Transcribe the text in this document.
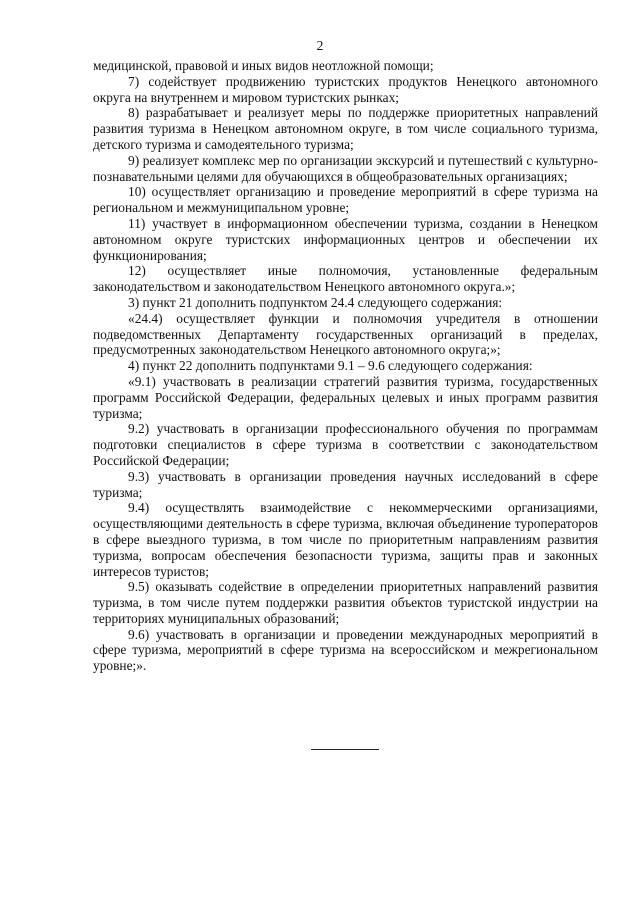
2

медицинской, правовой и иных видов неотложной помощи;

7) содействует продвижению туристских продуктов Ненецкого автономного округа на внутреннем и мировом туристских рынках;

8) разрабатывает и реализует меры по поддержке приоритетных направлений развития туризма в Ненецком автономном округе, в том числе социального туризма, детского туризма и самодеятельного туризма;

9) реализует комплекс мер по организации экскурсий и путешествий с культурно-познавательными целями для обучающихся в общеобразовательных организациях;

10) осуществляет организацию и проведение мероприятий в сфере туризма на региональном и межмуниципальном уровне;

11) участвует в информационном обеспечении туризма, создании в Ненецком автономном округе туристских информационных центров и обеспечении их функционирования;

12) осуществляет иные полномочия, установленные федеральным законодательством и законодательством Ненецкого автономного округа.»;

3) пункт 21 дополнить подпунктом 24.4 следующего содержания:

«24.4) осуществляет функции и полномочия учредителя в отношении подведомственных Департаменту государственных организаций в пределах, предусмотренных законодательством Ненецкого автономного округа;»;

4) пункт 22 дополнить подпунктами 9.1 – 9.6 следующего содержания:

«9.1) участвовать в реализации стратегий развития туризма, государственных программ Российской Федерации, федеральных целевых и иных программ развития туризма;

9.2) участвовать в организации профессионального обучения по программам подготовки специалистов в сфере туризма в соответствии с законодательством Российской Федерации;

9.3) участвовать в организации проведения научных исследований в сфере туризма;

9.4) осуществлять взаимодействие с некоммерческими организациями, осуществляющими деятельность в сфере туризма, включая объединение туроператоров в сфере выездного туризма, в том числе по приоритетным направлениям развития туризма, вопросам обеспечения безопасности туризма, защиты прав и законных интересов туристов;

9.5) оказывать содействие в определении приоритетных направлений развития туризма, в том числе путем поддержки развития объектов туристской индустрии на территориях муниципальных образований;

9.6) участвовать в организации и проведении международных мероприятий в сфере туризма, мероприятий в сфере туризма на всероссийском и межрегиональном уровне;».
